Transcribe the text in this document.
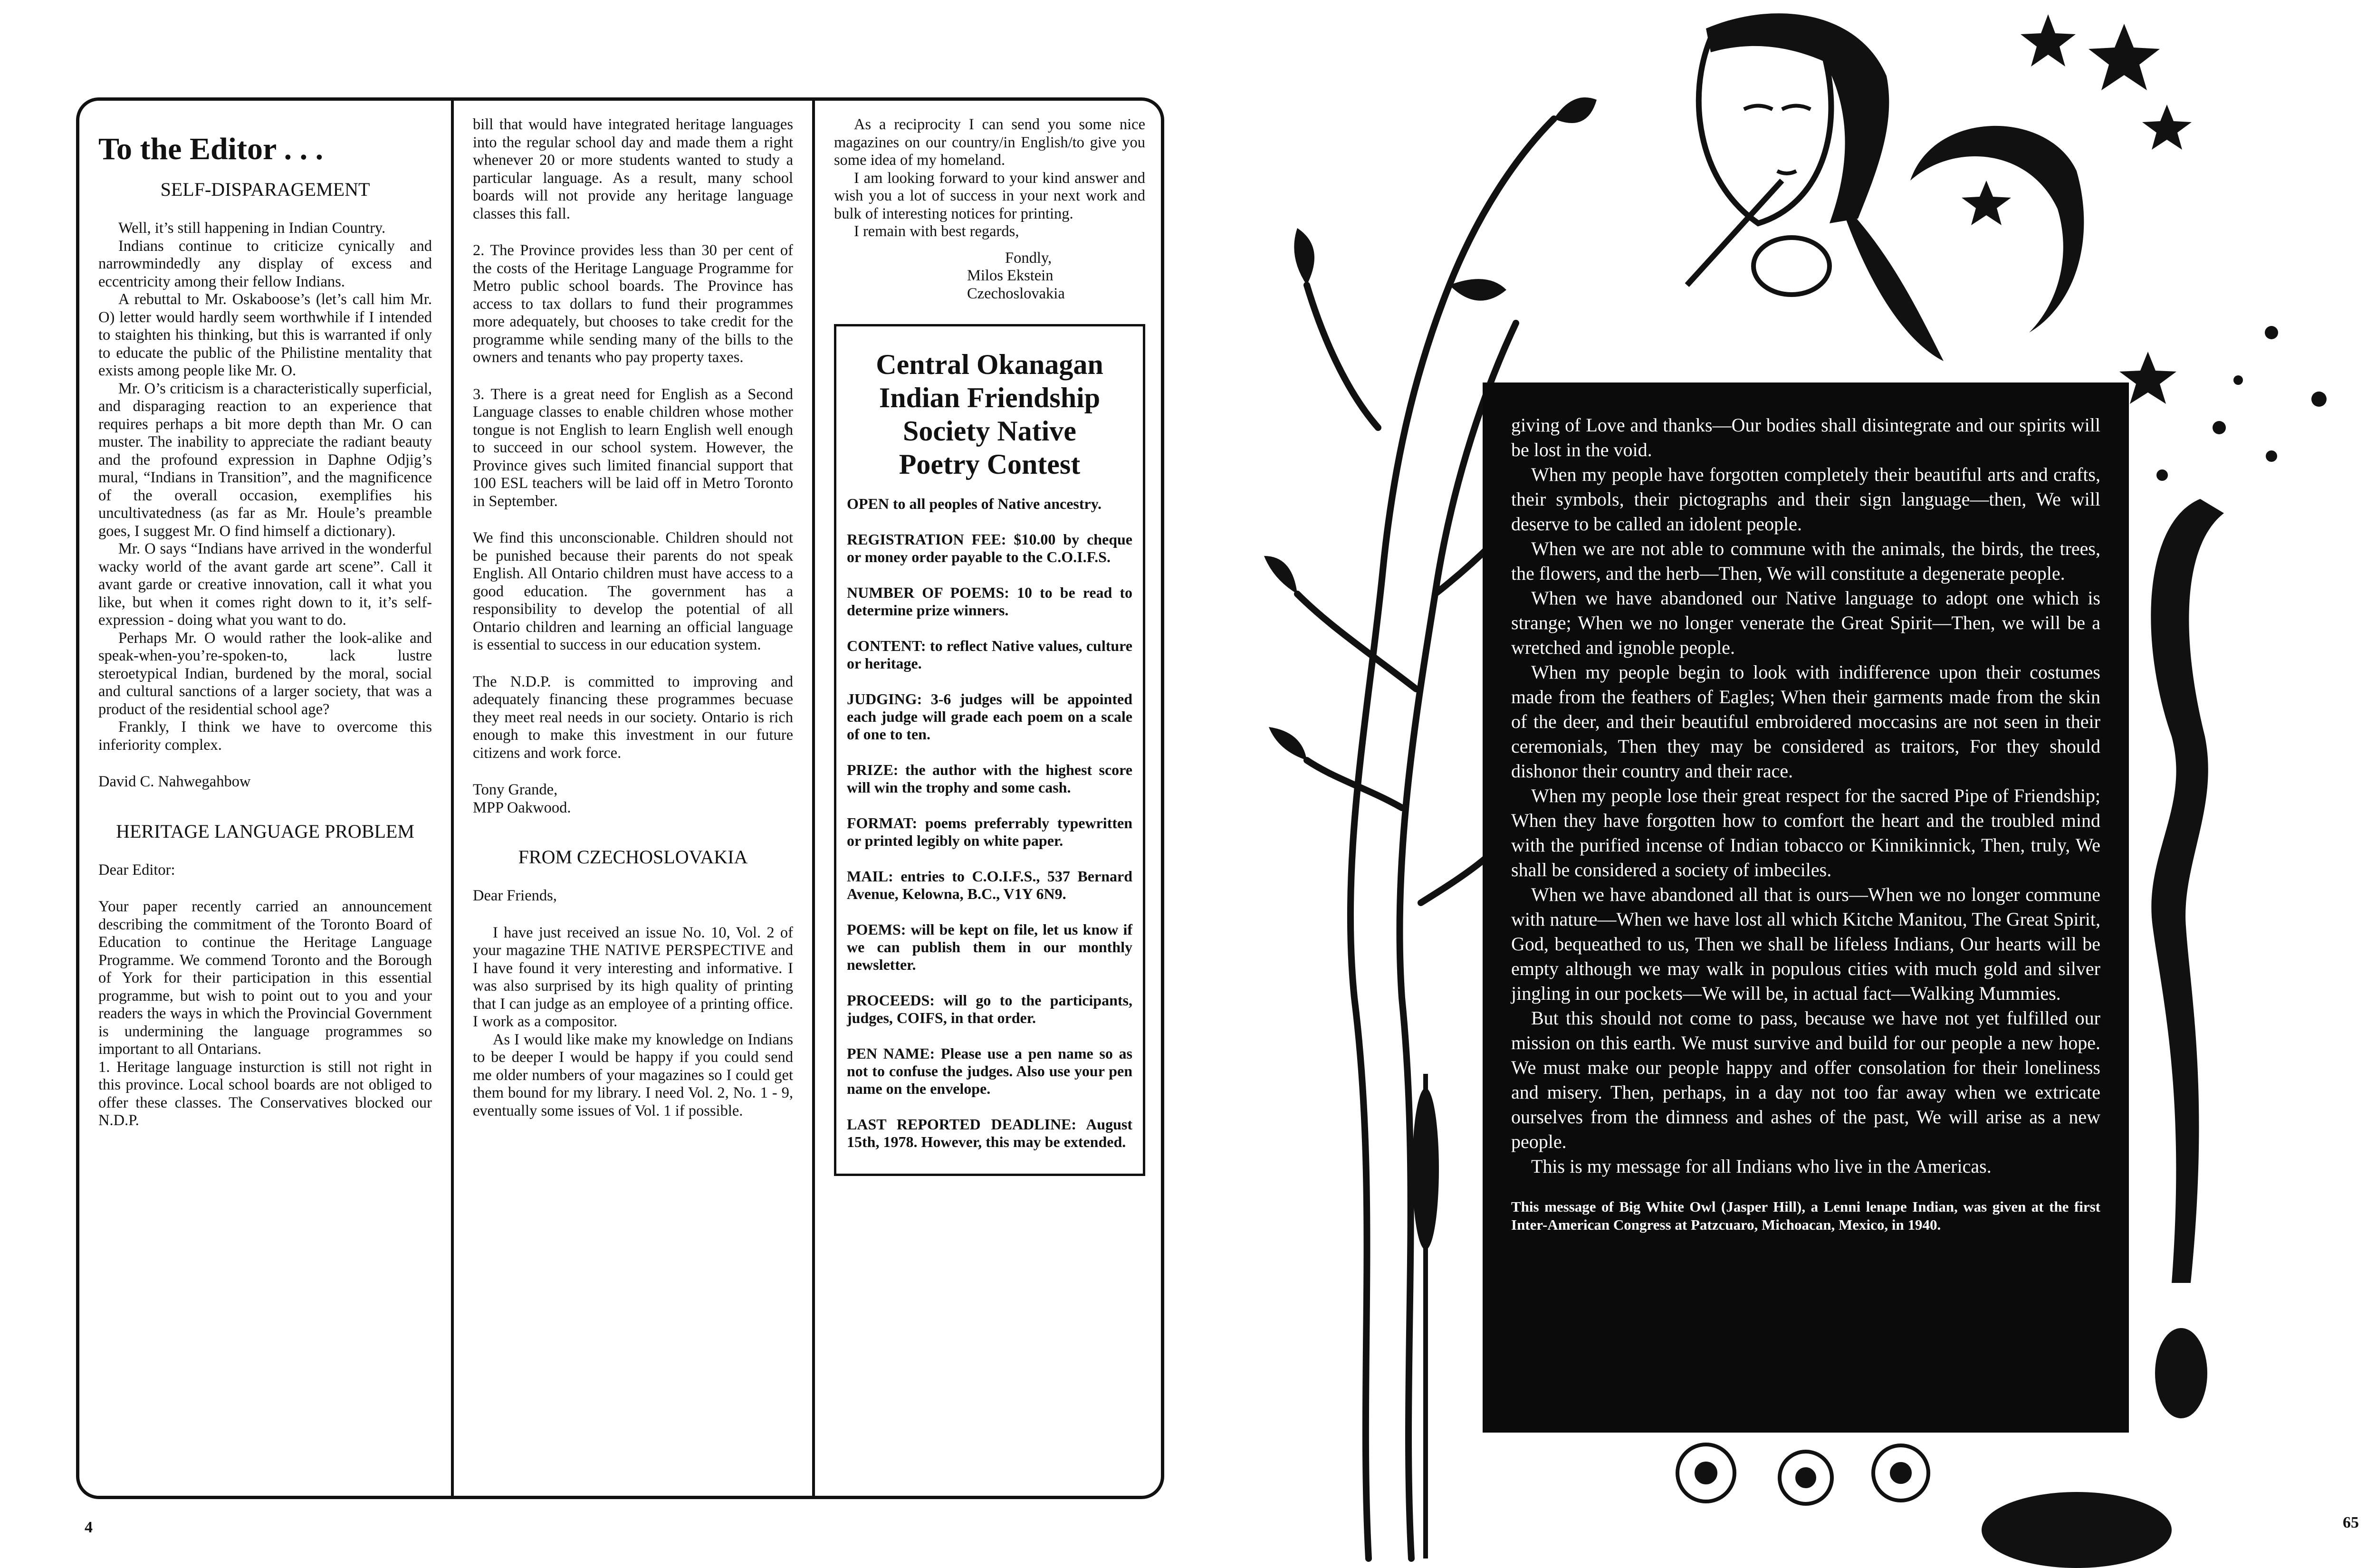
To the Editor . . .
SELF-DISPARAGEMENT

Well, it’s still happening in Indian Country.

Indians continue to criticize cynically and narrowmindedly any display of excess and eccentricity among their fellow Indians.

A rebuttal to Mr. Oskaboose’s (let’s call him Mr. O) letter would hardly seem worthwhile if I intended to staighten his thinking, but this is warranted if only to educate the public of the Philistine mentality that exists among people like Mr. O.

Mr. O’s criticism is a characteristically superficial, and disparaging reaction to an experience that requires perhaps a bit more depth than Mr. O can muster. The inability to appreciate the radiant beauty and the profound expression in Daphne Odjig’s mural, “Indians in Transition”, and the magnificence of the overall occasion, exemplifies his uncultivatedness (as far as Mr. Houle’s preamble goes, I suggest Mr. O find himself a dictionary).

Mr. O says “Indians have arrived in the wonderful wacky world of the avant garde art scene”. Call it avant garde or creative innovation, call it what you like, but when it comes right down to it, it’s self-expression - doing what you want to do.

Perhaps Mr. O would rather the look-alike and speak-when-you’re-spoken-to, lack lustre steroetypical Indian, burdened by the moral, social and cultural sanctions of a larger society, that was a product of the residential school age?

Frankly, I think we have to overcome this inferiority complex.

David C. Nahwegahbow

HERITAGE LANGUAGE PROBLEM

Dear Editor:

Your paper recently carried an announcement describing the commitment of the Toronto Board of Education to continue the Heritage Language Programme. We commend Toronto and the Borough of York for their participation in this essential programme, but wish to point out to you and your readers the ways in which the Provincial Government is undermining the language programmes so important to all Ontarians.

1. Heritage language insturction is still not right in this province. Local school boards are not obliged to offer these classes. The Conservatives blocked our N.D.P.

bill that would have integrated heritage languages into the regular school day and made them a right whenever 20 or more students wanted to study a particular language. As a result, many school boards will not provide any heritage language classes this fall.

2. The Province provides less than 30 per cent of the costs of the Heritage Language Programme for Metro public school boards. The Province has access to tax dollars to fund their programmes more adequately, but chooses to take credit for the programme while sending many of the bills to the owners and tenants who pay property taxes.

3. There is a great need for English as a Second Language classes to enable children whose mother tongue is not English to learn English well enough to succeed in our school system. However, the Province gives such limited financial support that 100 ESL teachers will be laid off in Metro Toronto in September.

We find this unconscionable. Children should not be punished because their parents do not speak English. All Ontario children must have access to a good education. The government has a responsibility to develop the potential of all Ontario children and learning an official language is essential to success in our education system.

The N.D.P. is committed to improving and adequately financing these programmes becuase they meet real needs in our society. Ontario is rich enough to make this investment in our future citizens and work force.

Tony Grande,

MPP Oakwood.

FROM CZECHOSLOVAKIA

Dear Friends,

I have just received an issue No. 10, Vol. 2 of your magazine THE NATIVE PERSPECTIVE and I have found it very interesting and informative. I was also surprised by its high quality of printing that I can judge as an employee of a printing office. I work as a compositor.

As I would like make my knowledge on Indians to be deeper I would be happy if you could send me older numbers of your magazines so I could get them bound for my library. I need Vol. 2, No. 1 - 9, eventually some issues of Vol. 1 if possible.

As a reciprocity I can send you some nice magazines on our country/in English/to give you some idea of my homeland.

I am looking forward to your kind answer and wish you a lot of success in your next work and bulk of interesting notices for printing.

I remain with best regards,

Fondly,

Milos Ekstein

Czechoslovakia

Central Okanagan
Indian Friendship
Society Native
Poetry Contest

OPEN to all peoples of Native ancestry.

REGISTRATION FEE: $10.00 by cheque or money order payable to the C.O.I.F.S.

NUMBER OF POEMS: 10 to be read to determine prize winners.

CONTENT: to reflect Native values, culture or heritage.

JUDGING: 3-6 judges will be appointed each judge will grade each poem on a scale of one to ten.

PRIZE: the author with the highest score will win the trophy and some cash.

FORMAT: poems preferrably typewritten or printed legibly on white paper.

MAIL: entries to C.O.I.F.S., 537 Bernard Avenue, Kelowna, B.C., V1Y 6N9.

POEMS: will be kept on file, let us know if we can publish them in our monthly newsletter.

PROCEEDS: will go to the participants, judges, COIFS, in that order.

PEN NAME: Please use a pen name so as not to confuse the judges. Also use your pen name on the envelope.

LAST REPORTED DEADLINE: August 15th, 1978. However, this may be extended.

4

giving of Love and thanks—Our bodies shall disintegrate and our spirits will be lost in the void.

When my people have forgotten completely their beautiful arts and crafts, their symbols, their pictographs and their sign language—then, We will deserve to be called an idolent people.

When we are not able to commune with the animals, the birds, the trees, the flowers, and the herb—Then, We will constitute a degenerate people.

When we have abandoned our Native language to adopt one which is strange; When we no longer venerate the Great Spirit—Then, we will be a wretched and ignoble people.

When my people begin to look with indifference upon their costumes made from the feathers of Eagles; When their garments made from the skin of the deer, and their beautiful embroidered moccasins are not seen in their ceremonials, Then they may be considered as traitors, For they should dishonor their country and their race.

When my people lose their great respect for the sacred Pipe of Friendship; When they have forgotten how to comfort the heart and the troubled mind with the purified incense of Indian tobacco or Kinnikinnick, Then, truly, We shall be considered a society of imbeciles.

When we have abandoned all that is ours—When we no longer commune with nature—When we have lost all which Kitche Manitou, The Great Spirit, God, bequeathed to us, Then we shall be lifeless Indians, Our hearts will be empty although we may walk in populous cities with much gold and silver jingling in our pockets—We will be, in actual fact—Walking Mummies.

But this should not come to pass, because we have not yet fulfilled our mission on this earth. We must survive and build for our people a new hope. We must make our people happy and offer consolation for their loneliness and misery. Then, perhaps, in a day not too far away when we extricate ourselves from the dimness and ashes of the past, We will arise as a new people.

This is my message for all Indians who live in the Americas.

This message of Big White Owl (Jasper Hill), a Lenni lenape Indian, was given at the first Inter-American Congress at Patzcuaro, Michoacan, Mexico, in 1940.

65
